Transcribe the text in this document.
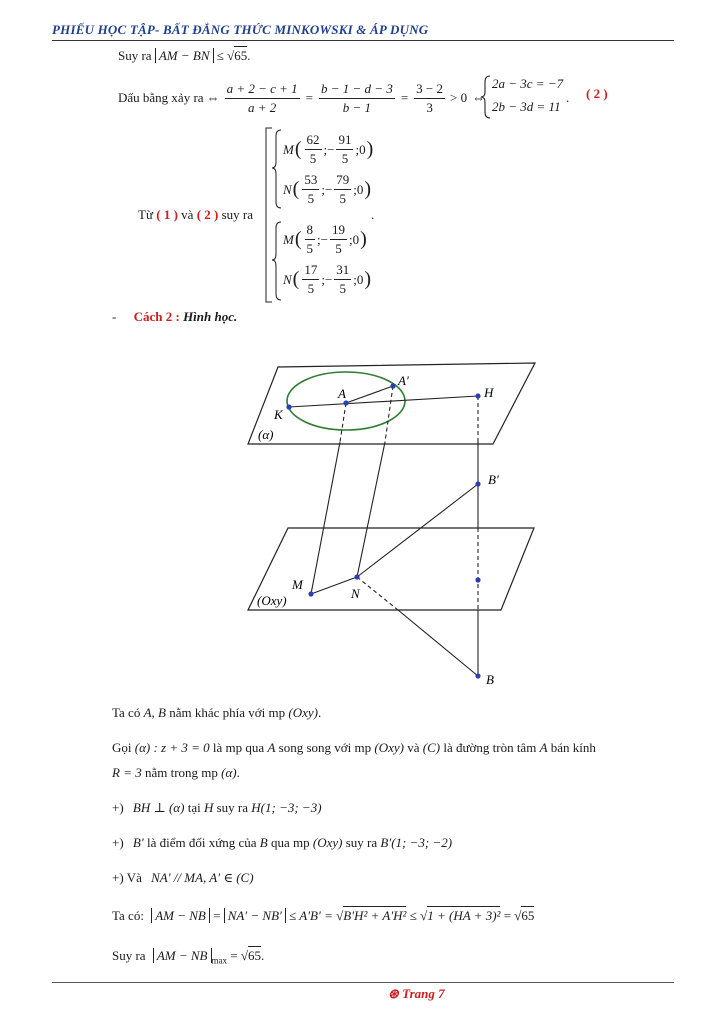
PHIẾU HỌC TẬP- BẤT ĐẲNG THỨC MINKOWSKI & ÁP DỤNG
Suy ra AM − BN ≤ √65.
Dấu bằng xảy ra ⇔ $\frac{a + 2 - c + 1}{a + 2} = \frac{b - 1 - d - 3}{b - 1} = \frac{3 - 2}{3} > 0$ ⇔
2a − 3c = −7
2b − 3d = 11
. ( 2 )
Từ ( 1 ) và ( 2 ) suy ra	.
M ( $\frac{62}{5}$ ;− $\frac{91}{5}$ ; 0 )
N ( $\frac{53}{5}$ ;− $\frac{79}{5}$ ; 0 )
M ( $\frac{8}{5}$ ;− $\frac{19}{5}$ ; 0 )
N ( $\frac{17}{5}$ ;− $\frac{31}{5}$ ; 0 )
- Cách 2 : Hình học.
A
A′
H
K
(α)
B′
M
N
(Oxy)
B
Ta có A, B nằm khác phía với mp (Oxy).
Gọi (α) : z + 3 = 0 là mp qua A song song với mp (Oxy) và (C) là đường tròn tâm A bán kính
R = 3 nằm trong mp (α).
+) BH ⊥ (α) tại H suy ra H(1; −3; −3)
+) B′ là điểm đối xứng của B qua mp (Oxy) suy ra B′(1; −3; −2)
+) Và NA′ // MA, A′ ∈ (C)
Ta có: AM − NB = NA′ − NB′ ≤ A′B′ = √B′H² + A′H² ≤ √1 + (HA + 3)² = √65
Suy ra AM − NB $_{max}$ = √65.
⊛ Trang 7
